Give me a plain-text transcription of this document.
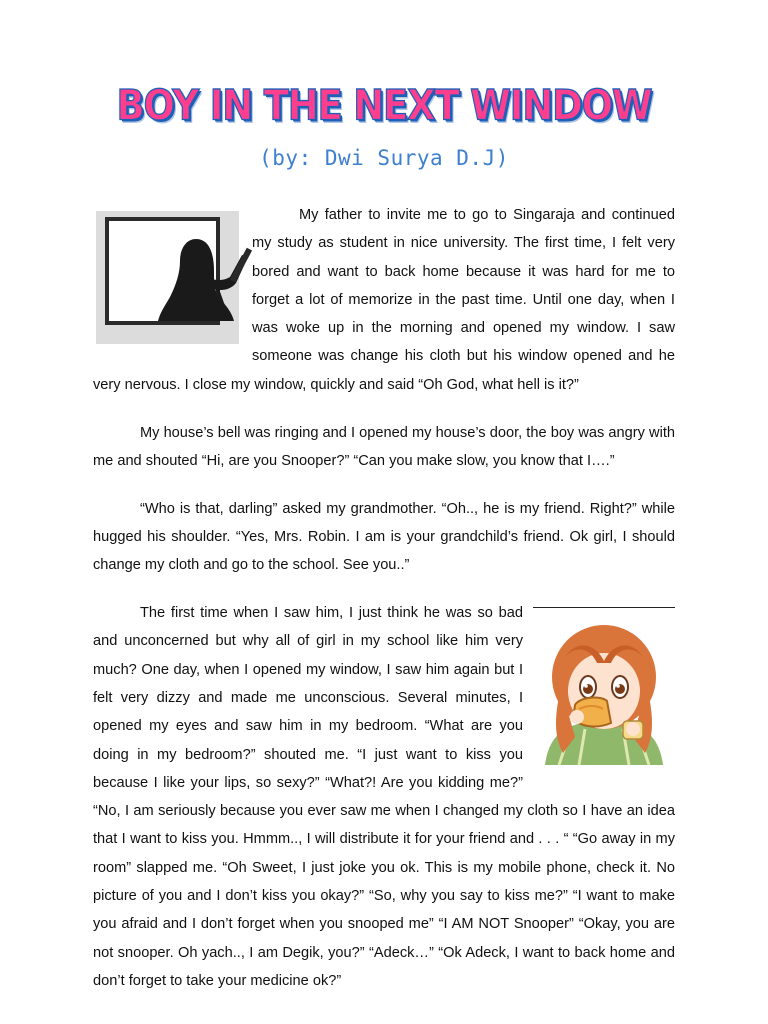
BOY IN THE NEXT WINDOW
(by: Dwi Surya D.J)

My father to invite me to go to Singaraja and continued my study as student in nice university. The first time, I felt very bored and want to back home because it was hard for me to forget a lot of memorize in the past time. Until one day, when I was woke up in the morning and opened my window. I saw someone was change his cloth but his window opened and he very nervous. I close my window, quickly and said “Oh God, what hell is it?”

My house’s bell was ringing and I opened my house’s door, the boy was angry with me and shouted “Hi, are you Snooper?” “Can you make slow, you know that I….”

“Who is that, darling” asked my grandmother. “Oh.., he is my friend. Right?” while hugged his shoulder. “Yes, Mrs. Robin. I am is your grandchild’s friend. Ok girl, I should change my cloth and go to the school. See you..”

The first time when I saw him, I just think he was so bad and unconcerned but why all of girl in my school like him very much? One day, when I opened my window, I saw him again but I felt very dizzy and made me unconscious. Several minutes, I opened my eyes and saw him in my bedroom. “What are you doing in my bedroom?” shouted me. “I just want to kiss you because I like your lips, so sexy?” “What?! Are you kidding me?” “No, I am seriously because you ever saw me when I changed my cloth so I have an idea that I want to kiss you. Hmmm.., I will distribute it for your friend and . . . “ “Go away in my room” slapped me. “Oh Sweet, I just joke you ok. This is my mobile phone, check it. No picture of you and I don’t kiss you okay?” “So, why you say to kiss me?” “I want to make you afraid and I don’t forget when you snooped me” “I AM NOT Snooper” “Okay, you are not snooper. Oh yach.., I am Degik, you?” “Adeck…” “Ok Adeck, I want to back home and don’t forget to take your medicine ok?”
